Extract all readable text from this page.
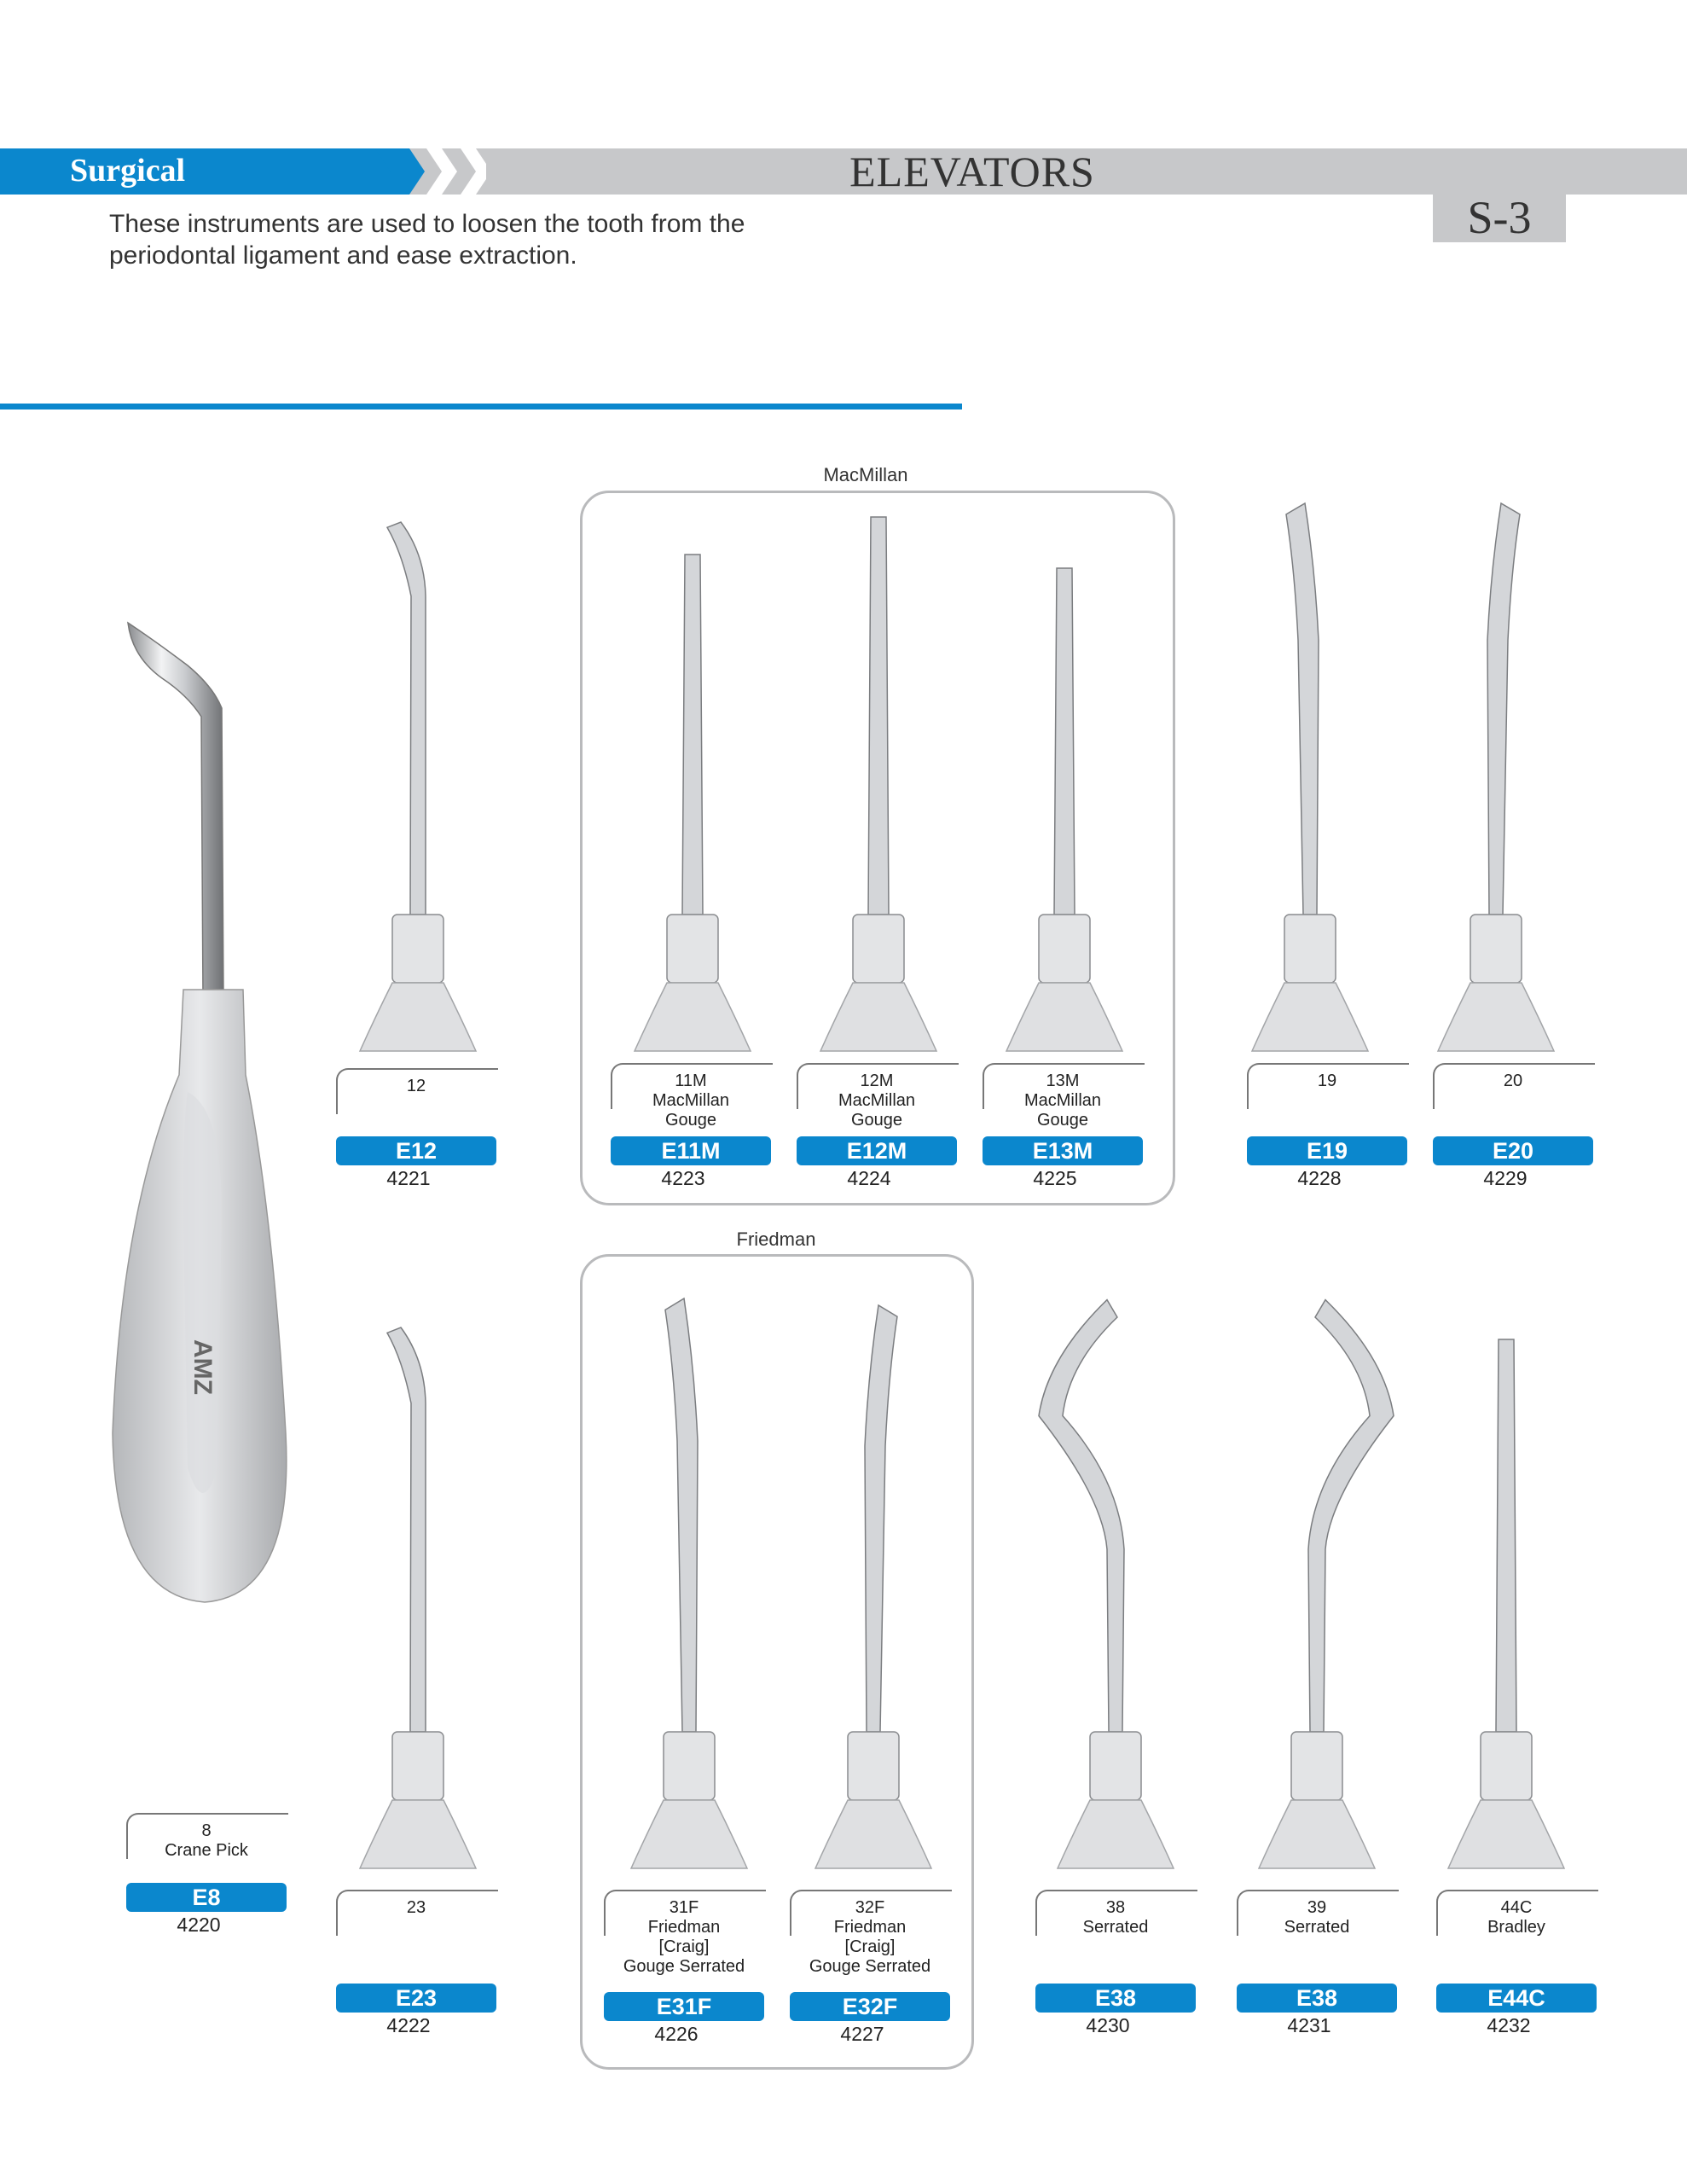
Surgical	ELEVATORS
S-3
These instruments are used to loosen the tooth from the periodontal ligament and ease extraction.
MacMillan
Friedman
AMZ
8
Crane Pick
E8
4220
12
E12
4221
11M
MacMillan
Gouge
E11M
4223
12M
MacMillan
Gouge
E12M
4224
13M
MacMillan
Gouge
E13M
4225
19
E19
4228
20
E20
4229
23
E23
4222
31F
Friedman
[Craig]
Gouge Serrated
E31F
4226
32F
Friedman
[Craig]
Gouge Serrated
E32F
4227
38
Serrated
E38
4230
39
Serrated
E38
4231
44C
Bradley
E44C
4232
